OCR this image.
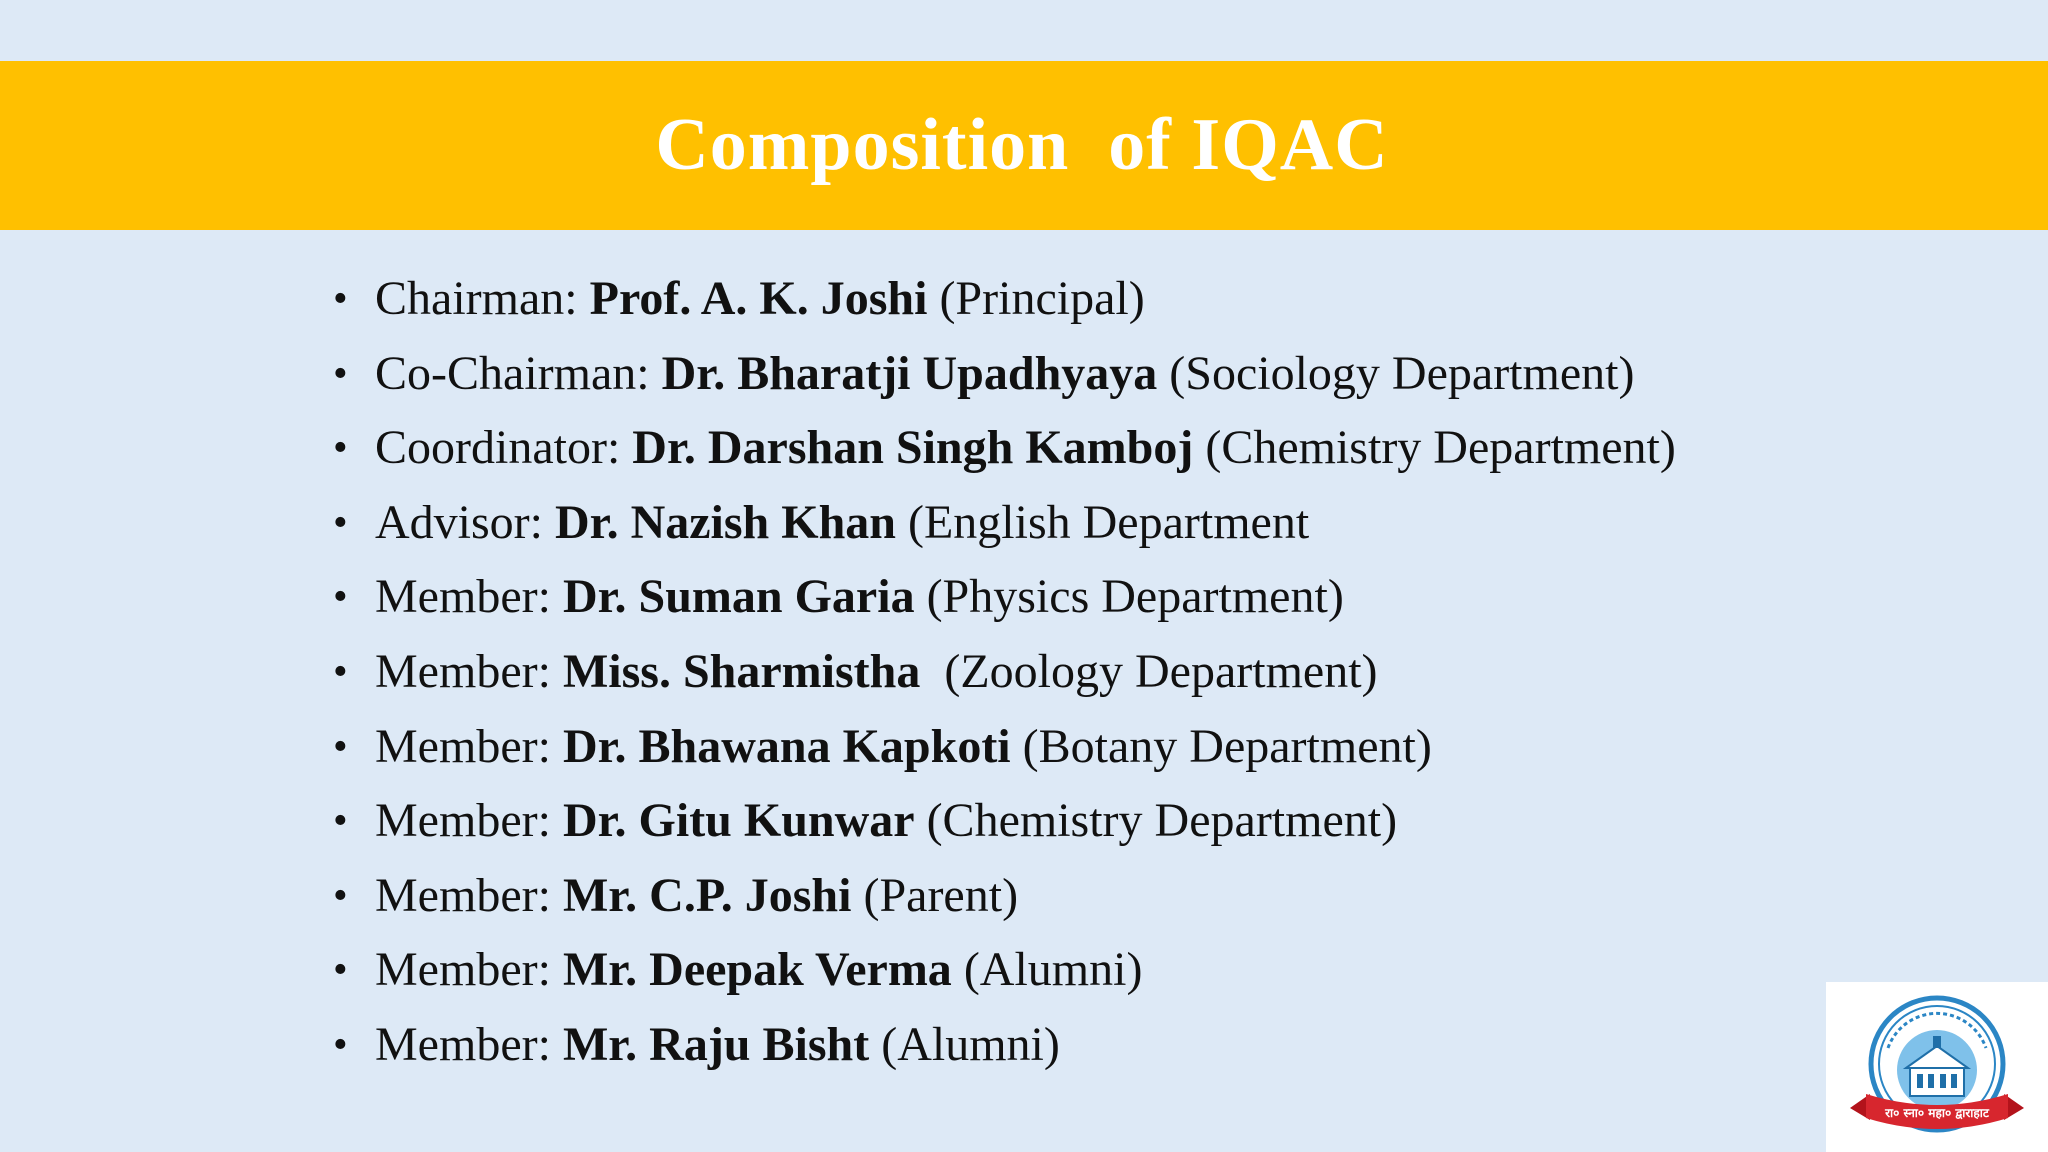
Composition  of IQAC
• Chairman: Prof. A. K. Joshi (Principal)
• Co-Chairman: Dr. Bharatji Upadhyaya (Sociology Department)
• Coordinator: Dr. Darshan Singh Kamboj (Chemistry Department)
• Advisor: Dr. Nazish Khan (English Department
• Member: Dr. Suman Garia (Physics Department)
• Member: Miss. Sharmistha (Zoology Department)
• Member: Dr. Bhawana Kapkoti (Botany Department)
• Member: Dr. Gitu Kunwar (Chemistry Department)
• Member: Mr. C.P. Joshi (Parent)
• Member: Mr. Deepak Verma (Alumni)
• Member: Mr. Raju Bisht (Alumni)
रा० स्ना० महा० द्वाराहाट
